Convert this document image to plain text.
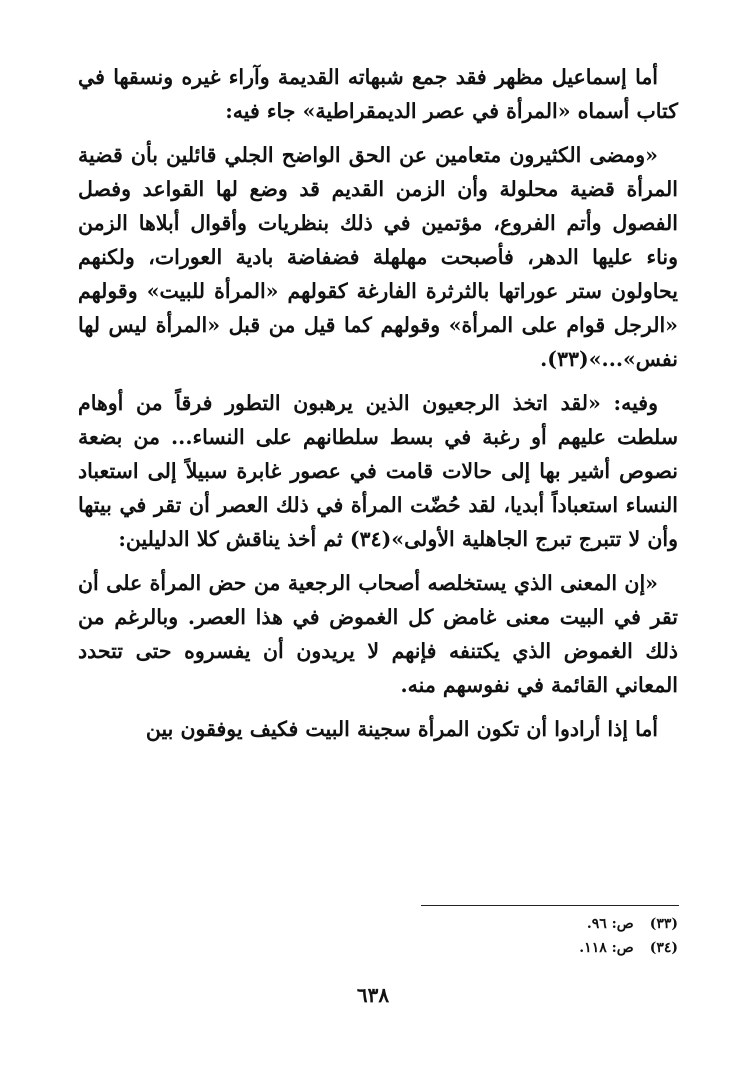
أما إسماعيل مظهر فقد جمع شبهاته القديمة وآراء غيره ونسقها في كتاب أسماه «المرأة في عصر الديمقراطية» جاء فيه:

«ومضى الكثيرون متعامين عن الحق الواضح الجلي قائلين بأن قضية المرأة قضية محلولة وأن الزمن القديم قد وضع لها القواعد وفصل الفصول وأتم الفروع، مؤتمين في ذلك بنظريات وأقوال أبلاها الزمن وناء عليها الدهر، فأصبحت مهلهلة فضفاضة بادية العورات، ولكنهم يحاولون ستر عوراتها بالثرثرة الفارغة كقولهم «المرأة للبيت» وقولهم «الرجل قوام على المرأة» وقولهم كما قيل من قبل «المرأة ليس لها نفس»...»(٣٣).

وفيه: «لقد اتخذ الرجعيون الذين يرهبون التطور فرقاً من أوهام سلطت عليهم أو رغبة في بسط سلطانهم على النساء... من بضعة نصوص أشير بها إلى حالات قامت في عصور غابرة سبيلاً إلى استعباد النساء استعباداً أبديا، لقد حُضّت المرأة في ذلك العصر أن تقر في بيتها وأن لا تتبرج تبرج الجاهلية الأولى»(٣٤) ثم أخذ يناقش كلا الدليلين:

«إن المعنى الذي يستخلصه أصحاب الرجعية من حض المرأة على أن تقر في البيت معنى غامض كل الغموض في هذا العصر. وبالرغم من ذلك الغموض الذي يكتنفه فإنهم لا يريدون أن يفسروه حتى تتحدد المعاني القائمة في نفوسهم منه.

أما إذا أرادوا أن تكون المرأة سجينة البيت فكيف يوفقون بين

(٣٣)ص: ٩٦.
(٣٤)ص: ١١٨.
٦٣٨
